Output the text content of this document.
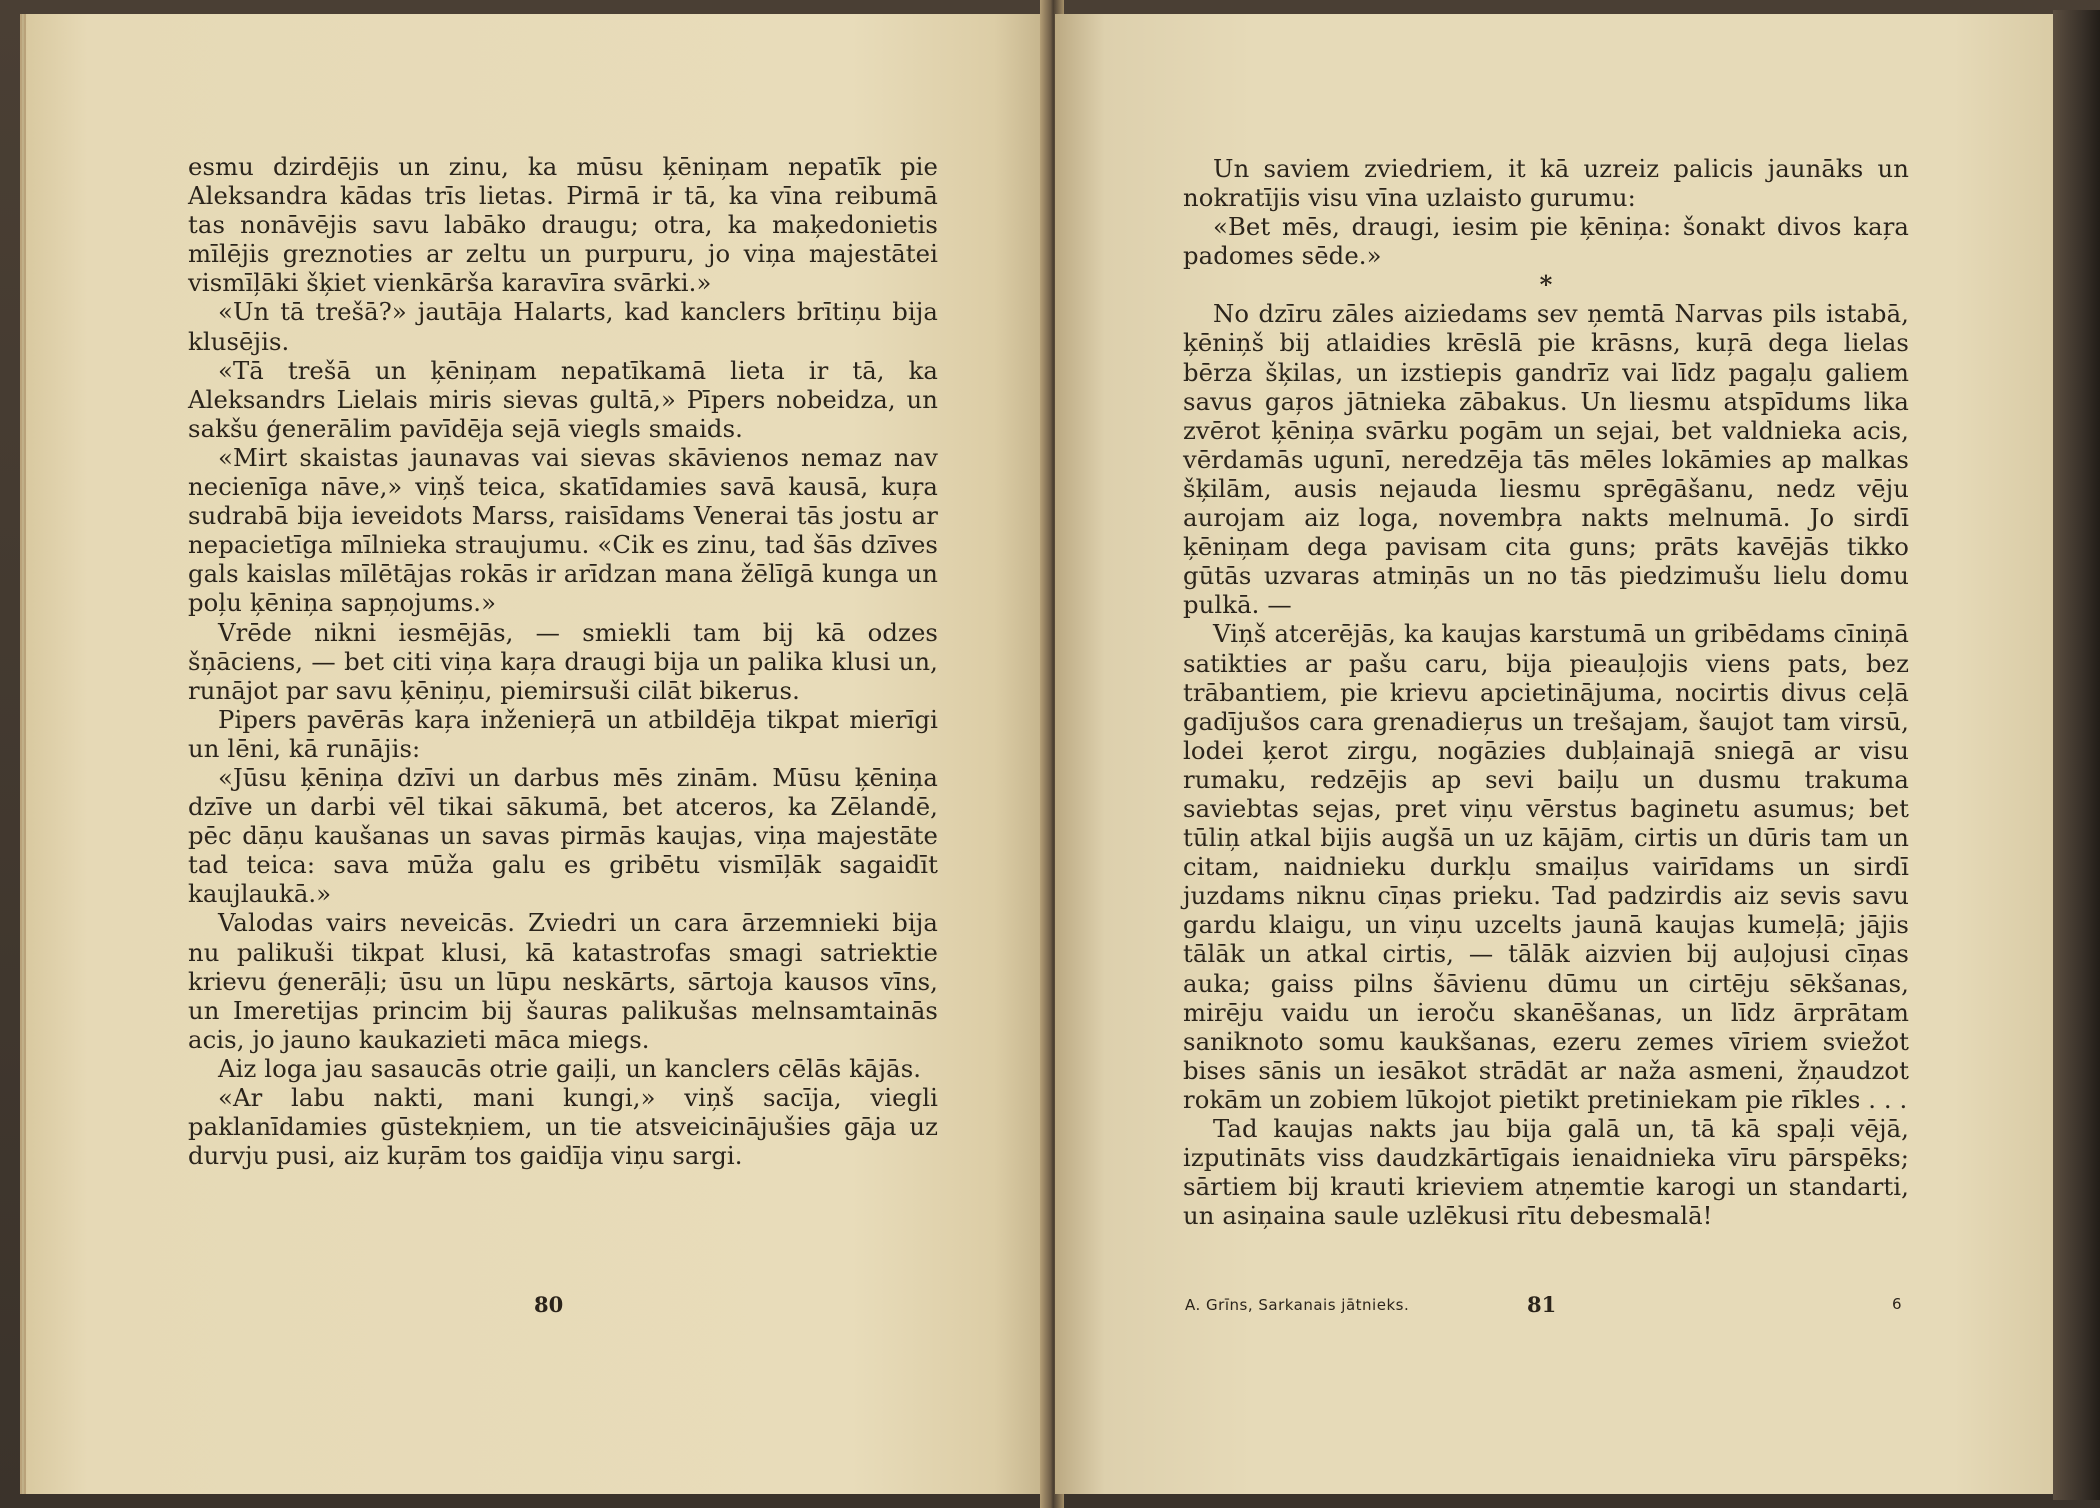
esmu dzirdējis un zinu, ka mūsu ķēniņam nepatīk pie Aleksandra kādas trīs lietas. Pirmā ir tā, ka vīna reibumā tas nonāvējis savu labāko draugu; otra, ka maķedonietis mīlējis greznoties ar zeltu un purpuru, jo viņa majestātei vismīļāki šķiet vienkārša karavīra svārki.»

«Un tā trešā?» jautāja Halarts, kad kanclers brītiņu bija klusējis.

«Tā trešā un ķēniņam nepatīkamā lieta ir tā, ka Aleksandrs Lielais miris sievas gultā,» Pīpers nobeidza, un sakšu ģenerālim pavīdēja sejā viegls smaids.

«Mirt skaistas jaunavas vai sievas skāvienos nemaz nav necienīga nāve,» viņš teica, skatīdamies savā kausā, kuŗa sudrabā bija ieveidots Marss, raisīdams Venerai tās jostu ar nepacietīga mīlnieka straujumu. «Cik es zinu, tad šās dzīves gals kaislas mīlētājas rokās ir arīdzan mana žēlīgā kunga un poļu ķēniņa sapņojums.»

Vrēde nikni iesmējās, — smiekli tam bij kā odzes šņāciens, — bet citi viņa kaŗa draugi bija un palika klusi un, runājot par savu ķēniņu, piemirsuši cilāt bikerus.

Pipers pavērās kaŗa inženieŗā un atbildēja tikpat mierīgi un lēni, kā runājis:

«Jūsu ķēniņa dzīvi un darbus mēs zinām. Mūsu ķēniņa dzīve un darbi vēl tikai sākumā, bet atceros, ka Zēlandē, pēc dāņu kaušanas un savas pirmās kaujas, viņa majestāte tad teica: sava mūža galu es gribētu vismīļāk sagaidīt kaujlaukā.»

Valodas vairs neveicās. Zviedri un cara ārzemnieki bija nu palikuši tikpat klusi, kā katastrofas smagi satriektie krievu ģenerāļi; ūsu un lūpu neskārts, sārtoja kausos vīns, un Imeretijas princim bij šauras palikušas melnsamtainās acis, jo jauno kaukazieti māca miegs.

Aiz loga jau sasaucās otrie gaiļi, un kanclers cēlās kājās.

«Ar labu nakti, mani kungi,» viņš sacīja, viegli paklanīdamies gūstekņiem, un tie atsveicinājušies gāja uz durvju pusi, aiz kuŗām tos gaidīja viņu sargi.

80

Un saviem zviedriem, it kā uzreiz palicis jaunāks un nokratījis visu vīna uzlaisto gurumu:

«Bet mēs, draugi, iesim pie ķēniņa: šonakt divos kaŗa padomes sēde.»

*

No dzīru zāles aiziedams sev ņemtā Narvas pils istabā, ķēniņš bij atlaidies krēslā pie krāsns, kuŗā dega lielas bērza šķilas, un izstiepis gandrīz vai līdz pagaļu galiem savus gaŗos jātnieka zābakus. Un liesmu atspīdums lika zvērot ķēniņa svārku pogām un sejai, bet valdnieka acis, vērdamās ugunī, neredzēja tās mēles lokāmies ap malkas šķilām, ausis nejauda liesmu sprēgāšanu, nedz vēju aurojam aiz loga, novembŗa nakts melnumā. Jo sirdī ķēniņam dega pavisam cita guns; prāts kavējās tikko gūtās uzvaras atmiņās un no tās piedzimušu lielu domu pulkā. —

Viņš atcerējās, ka kaujas karstumā un gribēdams cīniņā satikties ar pašu caru, bija pieauļojis viens pats, bez trābantiem, pie krievu apcietinājuma, nocirtis divus ceļā gadījušos cara grenadieŗus un trešajam, šaujot tam virsū, lodei ķerot zirgu, nogāzies dubļainajā sniegā ar visu rumaku, redzējis ap sevi baiļu un dusmu trakuma saviebtas sejas, pret viņu vērstus baginetu asumus; bet tūliņ atkal bijis augšā un uz kājām, cirtis un dūris tam un citam, naidnieku durkļu smaiļus vairīdams un sirdī juzdams niknu cīņas prieku. Tad padzirdis aiz sevis savu gardu klaigu, un viņu uzcelts jaunā kaujas kumeļā; jājis tālāk un atkal cirtis, — tālāk aizvien bij auļojusi cīņas auka; gaiss pilns šāvienu dūmu un cirtēju sēkšanas, mirēju vaidu un ieroču skanēšanas, un līdz ārprātam saniknoto somu kaukšanas, ezeru zemes vīriem sviežot bises sānis un iesākot strādāt ar naža asmeni, žņaudzot rokām un zobiem lūkojot pietikt pretiniekam pie rīkles . . .

Tad kaujas nakts jau bija galā un, tā kā spaļi vējā, izputināts viss daudzkārtīgais ienaidnieka vīru pārspēks; sārtiem bij krauti krieviem atņemtie karogi un standarti, un asiņaina saule uzlēkusi rītu debesmalā!

A. Grīns, Sarkanais jātnieks.	81	6
